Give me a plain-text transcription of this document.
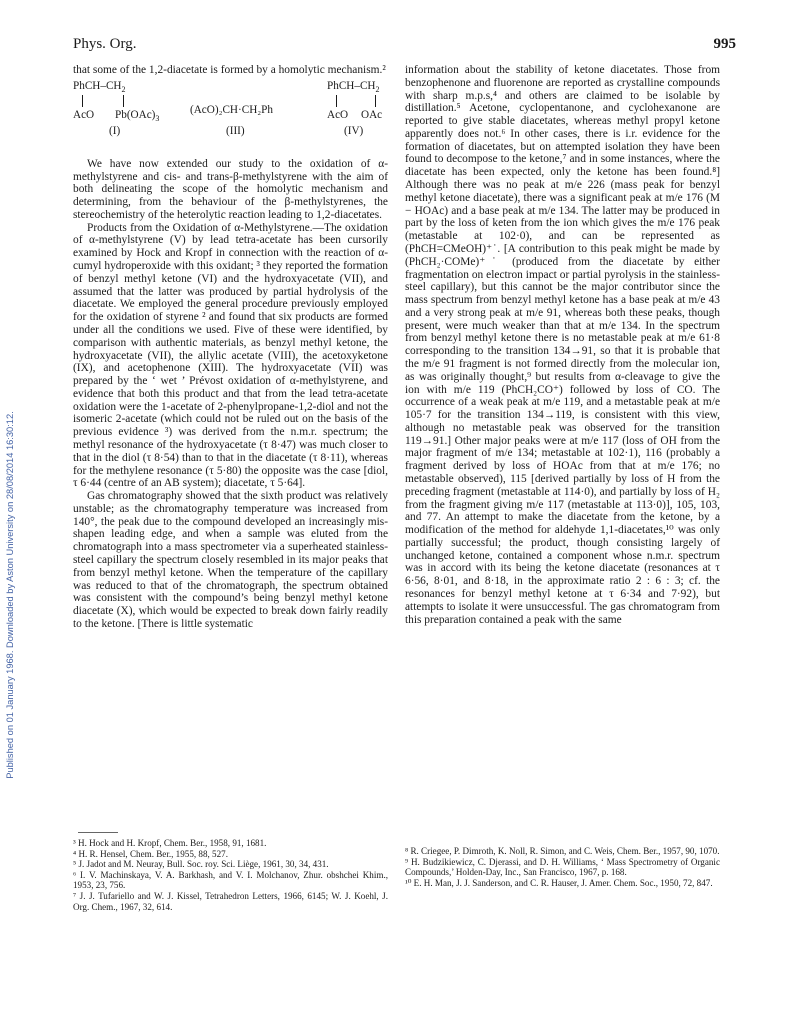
Published on 01 January 1968. Downloaded by Aston University on 28/08/2014 16:30:12.
Phys. Org.	995

that some of the 1,2-diacetate is formed by a homolytic mechanism.²

PhCH–$CH_2$
AcO $Pb(OAc)_3$
(I)
(AcO)₂CH·CH₂Ph
(III)
PhCH–$CH_2$
AcO OAc
(IV)

We have now extended our study to the oxidation of α-methylstyrene and cis- and trans-β-methylstyrene with the aim of both delineating the scope of the homolytic mechanism and determining, from the behaviour of the β-methylstyrenes, the stereochemistry of the heterolytic reaction leading to 1,2-diacetates.

Products from the Oxidation of α-Methylstyrene.—The oxidation of α-methylstyrene (V) by lead tetra-acetate has been cursorily examined by Hock and Kropf in connection with the reaction of α-cumyl hydroperoxide with this oxidant; ³ they reported the formation of benzyl methyl ketone (VI) and the hydroxyacetate (VII), and assumed that the latter was produced by partial hydrolysis of the diacetate. We employed the general procedure previously employed for the oxidation of styrene ² and found that six products are formed under all the conditions we used. Five of these were identified, by comparison with authentic materials, as benzyl methyl ketone, the hydroxyacetate (VII), the allylic acetate (VIII), the acetoxyketone (IX), and acetophenone (XIII). The hydroxyacetate (VII) was prepared by the ‘ wet ’ Prévost oxidation of α-methylstyrene, and evidence that both this product and that from the lead tetra-acetate oxidation were the 1-acetate of 2-phenylpropane-1,2-diol and not the isomeric 2-acetate (which could not be ruled out on the basis of the previous evidence ³) was derived from the n.m.r. spectrum; the methyl resonance of the hydroxyacetate (τ 8·47) was much closer to that in the diol (τ 8·54) than to that in the diacetate (τ 8·11), whereas for the methylene resonance (τ 5·80) the opposite was the case [diol, τ 6·44 (centre of an AB system); diacetate, τ 5·64].

Gas chromatography showed that the sixth product was relatively unstable; as the chromatography temperature was increased from 140°, the peak due to the compound developed an increasingly mis-shapen leading edge, and when a sample was eluted from the chromatograph into a mass spectrometer via a superheated stainless-steel capillary the spectrum closely resembled in its major peaks that from benzyl methyl ketone. When the temperature of the capillary was reduced to that of the chromatograph, the spectrum obtained was consistent with the compound’s being benzyl methyl ketone diacetate (X), which would be expected to break down fairly readily to the ketone. [There is little systematic

information about the stability of ketone diacetates. Those from benzophenone and fluorenone are reported as crystalline compounds with sharp m.p.s,⁴ and others are claimed to be isolable by distillation.⁵ Acetone, cyclopentanone, and cyclohexanone are reported to give stable diacetates, whereas methyl propyl ketone apparently does not.⁶ In other cases, there is i.r. evidence for the formation of diacetates, but on attempted isolation they have been found to decompose to the ketone,⁷ and in some instances, where the diacetate has been expected, only the ketone has been found.⁸] Although there was no peak at m/e 226 (mass peak for benzyl methyl ketone diacetate), there was a significant peak at m/e 176 (M − HOAc) and a base peak at m/e 134. The latter may be produced in part by the loss of keten from the ion which gives the m/e 176 peak (metastable at 102·0), and can be represented as (PhCH=CMeOH)⁺˙. [A contribution to this peak might be made by (PhCH₂·COMe)⁺˙ (produced from the diacetate by either fragmentation on electron impact or partial pyrolysis in the stainless-steel capillary), but this cannot be the major contributor since the mass spectrum from benzyl methyl ketone has a base peak at m/e 43 and a very strong peak at m/e 91, whereas both these peaks, though present, were much weaker than that at m/e 134. In the spectrum from benzyl methyl ketone there is no metastable peak at m/e 61·8 corresponding to the transition 134→91, so that it is probable that the m/e 91 fragment is not formed directly from the molecular ion, as was originally thought,⁹ but results from α-cleavage to give the ion with m/e 119 (PhCH₂CO⁺) followed by loss of CO. The occurrence of a weak peak at m/e 119, and a metastable peak at m/e 105·7 for the transition 134→119, is consistent with this view, although no metastable peak was observed for the transition 119→91.] Other major peaks were at m/e 117 (loss of OH from the major fragment of m/e 134; metastable at 102·1), 116 (probably a fragment derived by loss of HOAc from that at m/e 176; no metastable observed), 115 [derived partially by loss of H from the preceding fragment (metastable at 114·0), and partially by loss of H₂ from the fragment giving m/e 117 (metastable at 113·0)], 105, 103, and 77. An attempt to make the diacetate from the ketone, by a modification of the method for aldehyde 1,1-diacetates,¹⁰ was only partially successful; the product, though consisting largely of unchanged ketone, contained a component whose n.m.r. spectrum was in accord with its being the ketone diacetate (resonances at τ 6·56, 8·01, and 8·18, in the approximate ratio 2 : 6 : 3; cf. the resonances for benzyl methyl ketone at τ 6·34 and 7·92), but attempts to isolate it were unsuccessful. The gas chromatogram from this preparation contained a peak with the same

³ H. Hock and H. Kropf, Chem. Ber., 1958, 91, 1681.

⁴ H. R. Hensel, Chem. Ber., 1955, 88, 527.

⁵ J. Jadot and M. Neuray, Bull. Soc. roy. Sci. Liège, 1961, 30, 34, 431.

⁶ I. V. Machinskaya, V. A. Barkhash, and V. I. Molchanov, Zhur. obshchei Khim., 1953, 23, 756.

⁷ J. J. Tufariello and W. J. Kissel, Tetrahedron Letters, 1966, 6145; W. J. Koehl, J. Org. Chem., 1967, 32, 614.

⁸ R. Criegee, P. Dimroth, K. Noll, R. Simon, and C. Weis, Chem. Ber., 1957, 90, 1070.

⁹ H. Budzikiewicz, C. Djerassi, and D. H. Williams, ‘ Mass Spectrometry of Organic Compounds,’ Holden-Day, Inc., San Francisco, 1967, p. 168.

¹⁰ E. H. Man, J. J. Sanderson, and C. R. Hauser, J. Amer. Chem. Soc., 1950, 72, 847.
